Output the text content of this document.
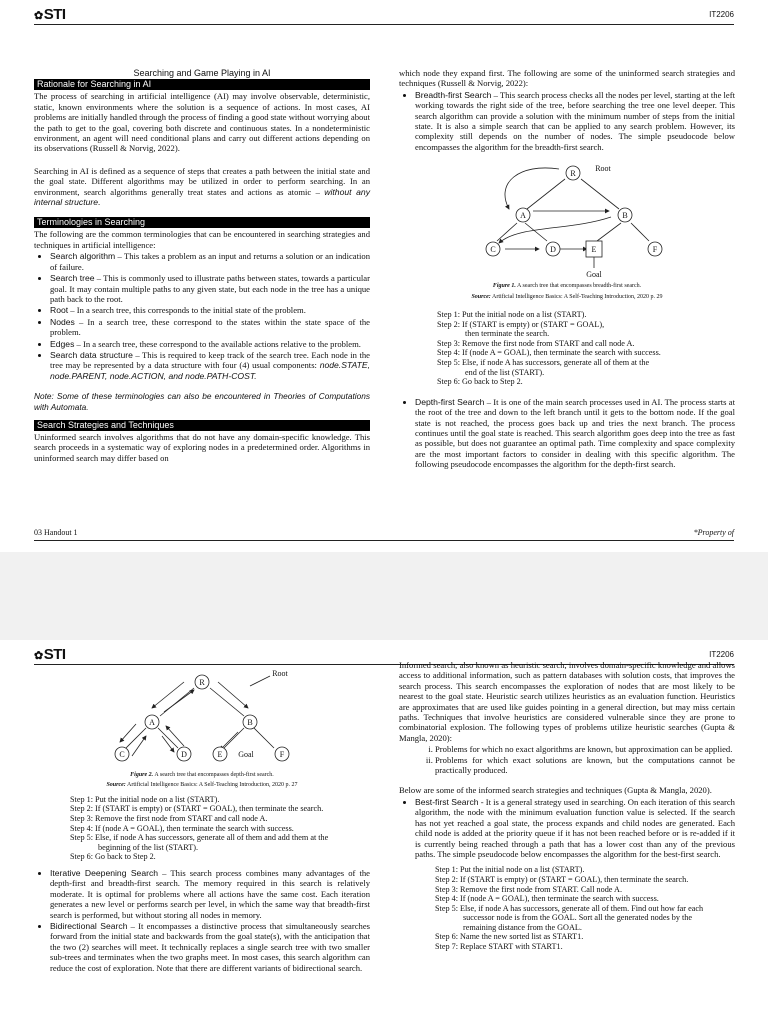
✿STI	IT2206
Searching and Game Playing in AI
Rationale for Searching in AI

The process of searching in artificial intelligence (AI) may involve observable, deterministic, static, known environments where the solution is a sequence of actions. In most cases, AI problems are initially handled through the process of finding a good state without worrying about the path to get to the goal, covering both discrete and continuous states. In a nondeterministic environment, an agent will need conditional plans and carry out different actions depending on its observations (Russell & Norvig, 2022).

Searching in AI is defined as a sequence of steps that creates a path between the initial state and the goal state. Different algorithms may be utilized in order to perform searching. In an environment, search algorithms generally treat states and actions as atomic – without any internal structure.

Terminologies in Searching

The following are the common terminologies that can be encountered in searching strategies and techniques in artificial intelligence:

• Search algorithm – This takes a problem as an input and returns a solution or an indication of failure.
• Search tree – This is commonly used to illustrate paths between states, towards a particular goal. It may contain multiple paths to any given state, but each node in the tree has a unique path back to the root.
• Root – In a search tree, this corresponds to the initial state of the problem.
• Nodes – In a search tree, these correspond to the states within the state space of the problem.
• Edges – In a search tree, these correspond to the available actions relative to the problem.
• Search data structure – This is required to keep track of the search tree. Each node in the tree may be represented by a data structure with four (4) usual components: node.STATE, node.PARENT, node.ACTION, and node.PATH-COST.

Note: Some of these terminologies can also be encountered in Theories of Computations with Automata.

Search Strategies and Techniques

Uninformed search involves algorithms that do not have any domain-specific knowledge. This search proceeds in a systematic way of exploring nodes in a predetermined order. Algorithms in uninformed search may differ based on

which node they expand first. The following are some of the uninformed search strategies and techniques (Russell & Norvig, 2022):

• Breadth-first Search – This search process checks all the nodes per level, starting at the left working towards the right side of the tree, before searching the tree one level deeper. This search algorithm can provide a solution with the minimum number of steps from the initial state. It is also a simple search that can be applied to any search problem. However, its complexity still depends on the number of nodes. The simple pseudocode below encompasses the algorithm for the breadth-first search.
R
A	B
C	D	E	F
Root
Goal
Figure 1. A search tree that encompasses breadth-first search.
Source: Artificial Intelligence Basics: A Self-Teaching Introduction, 2020 p. 29
Step 1: Put the initial node on a list (START).
Step 2: If (START is empty) or (START = GOAL),
then terminate the search.
Step 3: Remove the first node from START and call node A.
Step 4: If (node A = GOAL), then terminate the search with success.
Step 5: Else, if node A has successors, generate all of them at the
end of the list (START).
Step 6: Go back to Step 2.
• Depth-first Search – It is one of the main search processes used in AI. The process starts at the root of the tree and down to the left branch until it gets to the bottom node. If the goal state is not reached, the process goes back up and tries the next branch. The process continues until the goal state is reached. This search algorithm goes deep into the tree as fast as possible, but does not guarantee an optimal path. Time complexity and space complexity are the most important factors to consider in dealing with this specific algorithm. The following pseudocode encompasses the algorithm for the depth-first search.
03 Handout 1	*Property of
✿STI	IT2206
R
A	B
C	D	E	F
Root
Goal
Figure 2. A search tree that encompasses depth-first search.
Source: Artificial Intelligence Basics: A Self-Teaching Introduction, 2020 p. 27
Step 1: Put the initial node on a list (START).
Step 2: If (START is empty) or (START = GOAL), then terminate the search.
Step 3: Remove the first node from START and call node A.
Step 4: If (node A = GOAL), then terminate the search with success.
Step 5: Else, if node A has successors, generate all of them and add them at the
beginning of the list (START).
Step 6: Go back to Step 2.
• Iterative Deepening Search – This search process combines many advantages of the depth-first and breadth-first search. The memory required in this search is relatively moderate. It is optimal for problems where all actions have the same cost. Each iteration generates a new level or performs search per level, in which the same way that breadth-first search is performed, but without storing all nodes in memory.
• Bidirectional Search – It encompasses a distinctive process that simultaneously searches forward from the initial state and backwards from the goal state(s), with the anticipation that the two (2) searches will meet. It technically replaces a single search tree with two smaller sub-trees and terminates when the two graphs meet. In most cases, this search algorithm can reduce the cost of exploration. Note that there are different variants of bidirectional search.

Informed search, also known as heuristic search, involves domain-specific knowledge and allows access to additional information, such as pattern databases with solution costs, that improves the search process. This search encompasses the exploration of nodes that are most likely to be nearest to the goal state. Heuristic search utilizes heuristics as an evaluation function. Heuristics are approximates that are used like guides pointing in a general direction, but may miss certain paths. Techniques that involve heuristics are considered vulnerable since they are prone to combinatorial explosion. The following types of problems utilize heuristic searches (Gupta & Mangla, 2020):

i. Problems for which no exact algorithms are known, but approximation can be applied.
ii. Problems for which exact solutions are known, but the computations cannot be practically produced.

Below are some of the informed search strategies and techniques (Gupta & Mangla, 2020).

• Best-first Search - It is a general strategy used in searching. On each iteration of this search algorithm, the node with the minimum evaluation function value is selected. If the search has not yet reached a goal state, the process expands and child nodes are generated. Each child node is added at the priority queue if it has not been reached before or is re-added if it is currently being reached through a path that has a lower cost than any of the previous paths. The simple pseudocode below encompasses the algorithm for the best-first search.
Step 1: Put the initial node on a list (START).
Step 2: If (START is empty) or (START = GOAL), then terminate the search.
Step 3: Remove the first node from START. Call node A.
Step 4: If (node A = GOAL), then terminate the search with success.
Step 5: Else, if node A has successors, generate all of them. Find out how far each
successor node is from the GOAL. Sort all the generated nodes by the
remaining distance from the GOAL.
Step 6: Name the new sorted list as START1.
Step 7: Replace START with START1.
